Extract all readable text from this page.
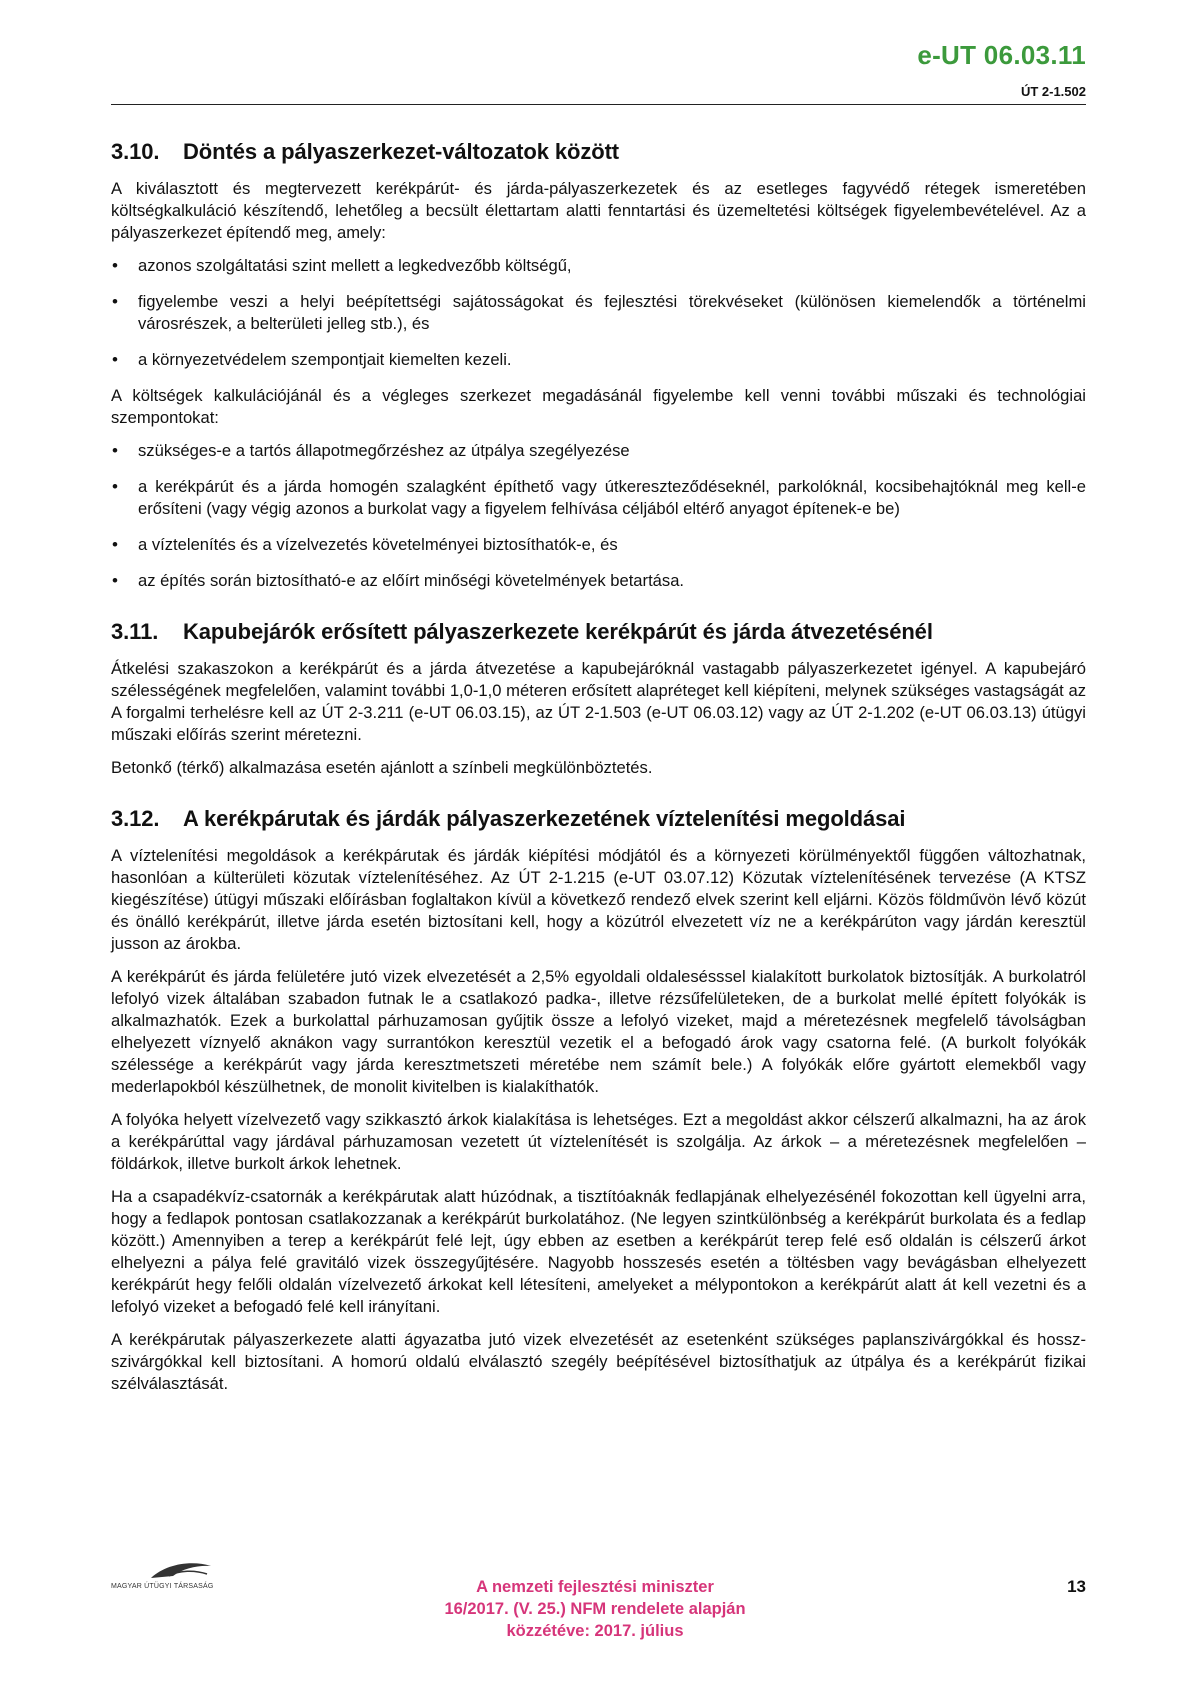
e-UT 06.03.11
ÚT 2-1.502
3.10.	Döntés a pályaszerkezet-változatok között

A kiválasztott és megtervezett kerékpárút- és járda-pályaszerkezetek és az esetleges fagyvédő rétegek ismeretében költségkalkuláció készítendő, lehetőleg a becsült élettartam alatti fenntartási és üzemeltetési költségek figyelembevételével. Az a pályaszerkezet építendő meg, amely:

• azonos szolgáltatási szint mellett a legkedvezőbb költségű,
• figyelembe veszi a helyi beépítettségi sajátosságokat és fejlesztési törekvéseket (különösen kiemelendők a történelmi városrészek, a belterületi jelleg stb.), és
• a környezetvédelem szempontjait kiemelten kezeli.

A költségek kalkulációjánál és a végleges szerkezet megadásánál figyelembe kell venni további műszaki és technológiai szempontokat:

• szükséges-e a tartós állapotmegőrzéshez az útpálya szegélyezése
• a kerékpárút és a járda homogén szalagként építhető vagy útkereszteződéseknél, parkolóknál, kocsibehajtóknál meg kell-e erősíteni (vagy végig azonos a burkolat vagy a figyelem felhívása céljából eltérő anyagot építenek-e be)
• a víztelenítés és a vízelvezetés követelményei biztosíthatók-e, és
• az építés során biztosítható-e az előírt minőségi követelmények betartása.
3.11.	Kapubejárók erősített pályaszerkezete kerékpárút és járda átvezetésénél

Átkelési szakaszokon a kerékpárút és a járda átvezetése a kapubejáróknál vastagabb pályaszerkezetet igényel. A kapubejáró szélességének megfelelően, valamint további 1,0-1,0 méteren erősített alapréteget kell kiépíteni, melynek szükséges vastagságát az A forgalmi terhelésre kell az ÚT 2-3.211 (e-UT 06.03.15), az ÚT 2-1.503 (e-UT 06.03.12) vagy az ÚT 2-1.202 (e-UT 06.03.13) útügyi műszaki előírás szerint méretezni.

Betonkő (térkő) alkalmazása esetén ajánlott a színbeli megkülönböztetés.

3.12.	A kerékpárutak és járdák pályaszerkezetének víztelenítési megoldásai

A víztelenítési megoldások a kerékpárutak és járdák kiépítési módjától és a környezeti körülményektől függően változhatnak, hasonlóan a külterületi közutak víztelenítéséhez. Az ÚT 2-1.215 (e-UT 03.07.12) Közutak víztelenítésének tervezése (A KTSZ kiegészítése) útügyi műszaki előírásban foglaltakon kívül a következő rendező elvek szerint kell eljárni. Közös földművön lévő közút és önálló kerékpárút, illetve járda esetén biztosítani kell, hogy a közútról elvezetett víz ne a kerékpárúton vagy járdán keresztül jusson az árokba.

A kerékpárút és járda felületére jutó vizek elvezetését a 2,5% egyoldali oldalesésssel kialakított burkolatok biztosítják. A burkolatról lefolyó vizek általában szabadon futnak le a csatlakozó padka-, illetve rézsűfelületeken, de a burkolat mellé épített folyókák is alkalmazhatók. Ezek a burkolattal párhuzamosan gyűjtik össze a lefolyó vizeket, majd a méretezésnek megfelelő távolságban elhelyezett víznyelő aknákon vagy surrantókon keresztül vezetik el a befogadó árok vagy csatorna felé. (A burkolt folyókák szélessége a kerékpárút vagy járda keresztmetszeti méretébe nem számít bele.) A folyókák előre gyártott elemekből vagy mederlapokból készülhetnek, de monolit kivitelben is kialakíthatók.

A folyóka helyett vízelvezető vagy szikkasztó árkok kialakítása is lehetséges. Ezt a megoldást akkor célszerű alkalmazni, ha az árok a kerékpárúttal vagy járdával párhuzamosan vezetett út víztelenítését is szolgálja. Az árkok – a méretezésnek megfelelően – földárkok, illetve burkolt árkok lehetnek.

Ha a csapadékvíz-csatornák a kerékpárutak alatt húzódnak, a tisztítóaknák fedlapjának elhelyezésénél fokozottan kell ügyelni arra, hogy a fedlapok pontosan csatlakozzanak a kerékpárút burkolatához. (Ne legyen szintkülönbség a kerékpárút burkolata és a fedlap között.) Amennyiben a terep a kerékpárút felé lejt, úgy ebben az esetben a kerékpárút terep felé eső oldalán is célszerű árkot elhelyezni a pálya felé gravitáló vizek összegyűjtésére. Nagyobb hosszesés esetén a töltésben vagy bevágásban elhelyezett kerékpárút hegy felőli oldalán vízelvezető árkokat kell létesíteni, amelyeket a mélypontokon a kerékpárút alatt át kell vezetni és a lefolyó vizeket a befogadó felé kell irányítani.

A kerékpárutak pályaszerkezete alatti ágyazatba jutó vizek elvezetését az esetenként szükséges paplanszivárgókkal és hossz-szivárgókkal kell biztosítani. A homorú oldalú elválasztó szegély beépítésével biztosíthatjuk az útpálya és a kerékpárút fizikai szélválasztását.

MAGYAR ÚTÜGYI TÁRSASÁG	A nemzeti fejlesztési miniszter
16/2017. (V. 25.) NFM rendelete alapján
közzétéve: 2017. július
13
